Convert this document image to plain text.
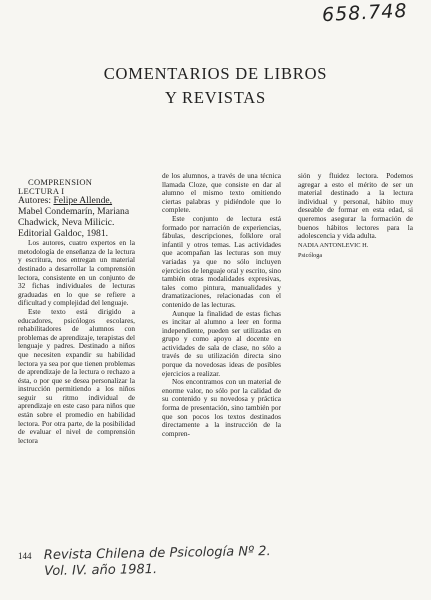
658.748
COMENTARIOS DE LIBROS
Y REVISTAS

COMPRENSION LECTURA I

Autores: Felipe Allende, Mabel Condemarín, Mariana Chadwick, Neva Milicic. Editorial Galdoc, 1981.

Los autores, cuatro expertos en la metodología de enseñanza de la lectura y escritura, nos entregan un material destinado a desarrollar la comprensión lectora, consistente en un conjunto de 32 fichas individuales de lecturas graduadas en lo que se refiere a dificultad y complejidad del lenguaje.

Este texto está dirigido a educadores, psicólogos escolares, rehabilitadores de alumnos con problemas de aprendizaje, terapistas del lenguaje y padres. Destinado a niños que necesiten expandir su habilidad lectora ya sea por que tienen problemas de aprendizaje de la lectura o rechazo a ésta, o por que se desea personalizar la instrucción permitiendo a los niños seguir su ritmo individual de aprendizaje en este caso para niños que están sobre el promedio en habilidad lectora. Por otra parte, de la posibilidad de evaluar el nivel de comprensión lectora

de los alumnos, a través de una técnica llamada Cloze, que consiste en dar al alumno el mismo texto omitiendo ciertas palabras y pidiéndole que lo complete.

Este conjunto de lectura está formado por narración de experiencias, fábulas, descripciones, folklore oral infantil y otros temas. Las actividades que acompañan las lecturas son muy variadas ya que no sólo incluyen ejercicios de lenguaje oral y escrito, sino también otras modalidades expresivas, tales como pintura, manualidades y dramatizaciones, relacionadas con el contenido de las lecturas.

Aunque la finalidad de estas fichas es incitar al alumno a leer en forma independiente, pueden ser utilizadas en grupo y como apoyo al docente en actividades de sala de clase, no sólo a través de su utilización directa sino porque da novedosas ideas de posibles ejercicios a realizar.

Nos encontramos con un material de enorme valor, no sólo por la calidad de su contenido y su novedosa y práctica forma de presentación, sino también por que son pocos los textos destinados directamente a la instrucción de la compren-

sión y fluidez lectora. Podemos agregar a esto el mérito de ser un material destinado a la lectura individual y personal, hábito muy deseable de formar en esta edad, si queremos asegurar la formación de buenos hábitos lectores para la adolescencia y vida adulta.

NADIA ANTONLEVIC H.
Psicóloga

144 Revista Chilena de Psicología Nº 2.
Vol. IV. año 1981.
